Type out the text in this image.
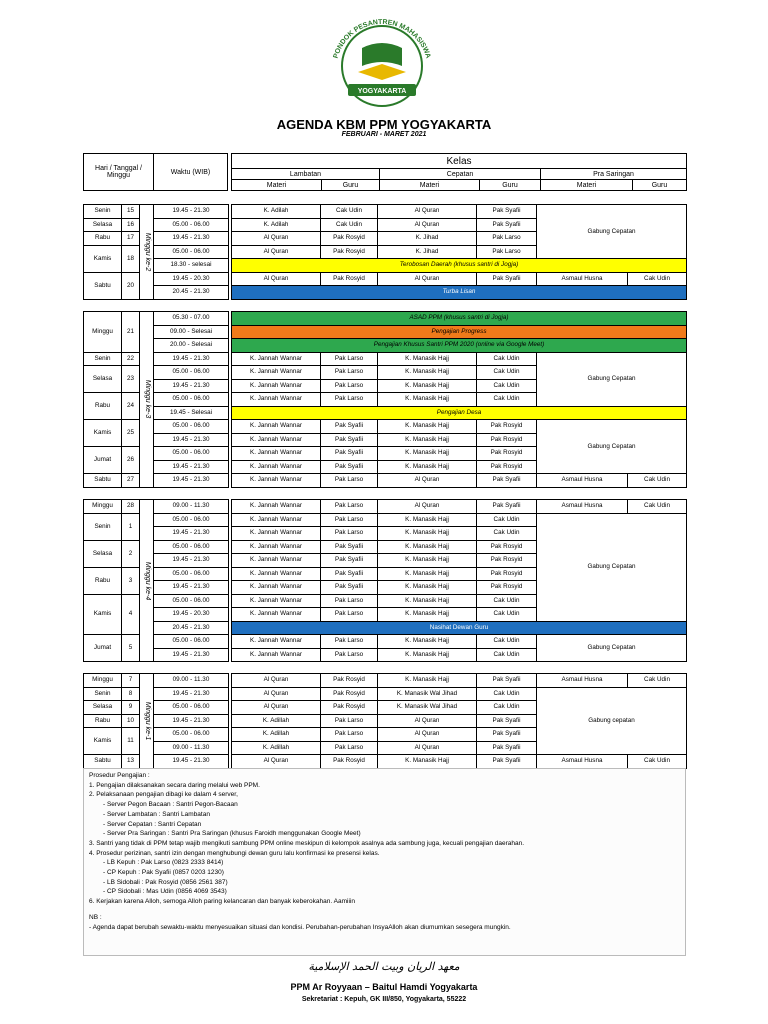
PONDOK PESANTREN MAHASISWA
YOGYAKARTA
AGENDA KBM PPM YOGYAKARTA
FEBRUARI - MARET 2021
Hari / Tanggal / Minggu	Waktu (WIB)
Kelas					
Lambatan		Cepatan		Pra Saringan	
Materi	Guru	Materi	Guru	Materi	Guru
Senin	15	Minggu ke-2	19.45 - 21.30		K. Adilah	Cak Udin	Al Quran	Pak Syafii	Gabung Cepatan	
Selasa	16		05.00 - 06.00		K. Adilah	Cak Udin	Al Quran	Pak Syafii		
Rabu	17		19.45 - 21.30		Al Quran	Pak Rosyid	K. Jihad	Pak Larso		
Kamis	18		05.00 - 06.00		Al Quran	Pak Rosyid	K. Jihad	Pak Larso		
			18.30 - selesai		Terobosan Daerah (khusus santri di Jogja)					
Sabtu	20		19.45 - 20.30		Al Quran	Pak Rosyid	Al Quran	Pak Syafii	Asmaul Husna	Cak Udin
			20.45 - 21.30		Turba Lisan					
Minggu	21	Minggu ke-3	05.30 - 07.00		ASAD PPM (khusus santri di Jogja)					
			09.00 - Selesai		Pengajian Progress					
			20.00 - Selesai		Pengajian Khusus Santri PPM 2020 (online via Google Meet)					
Senin	22		19.45 - 21.30		K. Jannah Wannar	Pak Larso	K. Manasik Hajj	Cak Udin	Gabung Cepatan	
Selasa	23		05.00 - 06.00		K. Jannah Wannar	Pak Larso	K. Manasik Hajj	Cak Udin		
			19.45 - 21.30		K. Jannah Wannar	Pak Larso	K. Manasik Hajj	Cak Udin		
Rabu	24		05.00 - 06.00		K. Jannah Wannar	Pak Larso	K. Manasik Hajj	Cak Udin		
			19.45 - Selesai		Pengajian Desa					
Kamis	25		05.00 - 06.00		K. Jannah Wannar	Pak Syafii	K. Manasik Hajj	Pak Rosyid	Gabung Cepatan	
			19.45 - 21.30		K. Jannah Wannar	Pak Syafii	K. Manasik Hajj	Pak Rosyid		
Jumat	26		05.00 - 06.00		K. Jannah Wannar	Pak Syafii	K. Manasik Hajj	Pak Rosyid		
			19.45 - 21.30		K. Jannah Wannar	Pak Syafii	K. Manasik Hajj	Pak Rosyid		
Sabtu	27		19.45 - 21.30		K. Jannah Wannar	Pak Larso	Al Quran	Pak Syafii	Asmaul Husna	Cak Udin
Minggu	28	Minggu ke-4	09.00 - 11.30		K. Jannah Wannar	Pak Larso	Al Quran	Pak Syafii	Asmaul Husna	Cak Udin
Senin	1		05.00 - 06.00		K. Jannah Wannar	Pak Larso	K. Manasik Hajj	Cak Udin	Gabung Cepatan	
			19.45 - 21.30		K. Jannah Wannar	Pak Larso	K. Manasik Hajj	Cak Udin		
Selasa	2		05.00 - 06.00		K. Jannah Wannar	Pak Syafii	K. Manasik Hajj	Pak Rosyid		
			19.45 - 21.30		K. Jannah Wannar	Pak Syafii	K. Manasik Hajj	Pak Rosyid		
Rabu	3		05.00 - 06.00		K. Jannah Wannar	Pak Syafii	K. Manasik Hajj	Pak Rosyid		
			19.45 - 21.30		K. Jannah Wannar	Pak Syafii	K. Manasik Hajj	Pak Rosyid		
Kamis	4		05.00 - 06.00		K. Jannah Wannar	Pak Larso	K. Manasik Hajj	Cak Udin		
			19.45 - 20.30		K. Jannah Wannar	Pak Larso	K. Manasik Hajj	Cak Udin		
			20.45 - 21.30		Nasihat Dewan Guru					
Jumat	5		05.00 - 06.00		K. Jannah Wannar	Pak Larso	K. Manasik Hajj	Cak Udin	Gabung Cepatan	
			19.45 - 21.30		K. Jannah Wannar	Pak Larso	K. Manasik Hajj	Cak Udin		
Minggu	7	Minggu ke-1	09.00 - 11.30		Al Quran	Pak Rosyid	K. Manasik Hajj	Pak Syafii	Asmaul Husna	Cak Udin
Senin	8		19.45 - 21.30		Al Quran	Pak Rosyid	K. Manasik Wal Jihad	Cak Udin	Gabung cepatan	
Selasa	9		05.00 - 06.00		Al Quran	Pak Rosyid	K. Manasik Wal Jihad	Cak Udin		
Rabu	10		19.45 - 21.30		K. Adillah	Pak Larso	Al Quran	Pak Syafii		
Kamis	11		05.00 - 06.00		K. Adillah	Pak Larso	Al Quran	Pak Syafii		
			09.00 - 11.30		K. Adillah	Pak Larso	Al Quran	Pak Syafii		
Sabtu	13		19.45 - 21.30		Al Quran	Pak Rosyid	K. Manasik Hajj	Pak Syafii	Asmaul Husna	Cak Udin

Prosedur Pengajian :

1. Pengajian dilaksanakan secara daring melalui web PPM.

2. Pelaksanaan pengajian dibagi ke dalam 4 server,

- Server Pegon Bacaan : Santri Pegon-Bacaan

- Server Lambatan : Santri Lambatan

- Server Cepatan : Santri Cepatan

- Server Pra Saringan : Santri Pra Saringan (khusus Faroidh menggunakan Google Meet)

3. Santri yang tidak di PPM tetap wajib mengikuti sambung PPM online meskipun di kelompok asalnya ada sambung juga, kecuali pengajian daerahan.

4. Prosedur perizinan, santri izin dengan menghubungi dewan guru lalu konfirmasi ke presensi kelas.

- LB Kepuh : Pak Larso (0823 2333 8414)

- CP Kepuh : Pak Syafii (0857 0203 1230)

- LB Sidobali : Pak Rosyid (0856 2561 387)

- CP Sidobali : Mas Udin (0856 4069 3543)

6. Kerjakan karena Alloh, semoga Alloh paring kelancaran dan banyak keberokahan. Aamiiin

NB :

- Agenda dapat berubah sewaktu-waktu menyesuaikan situasi dan kondisi. Perubahan-perubahan InsyaAlloh akan diumumkan sesegera mungkin.

معهد الريان وبيت الحمد الإسلامية
PPM Ar Royyaan – Baitul Hamdi Yogyakarta
Sekretariat : Kepuh, GK III/850, Yogyakarta, 55222
